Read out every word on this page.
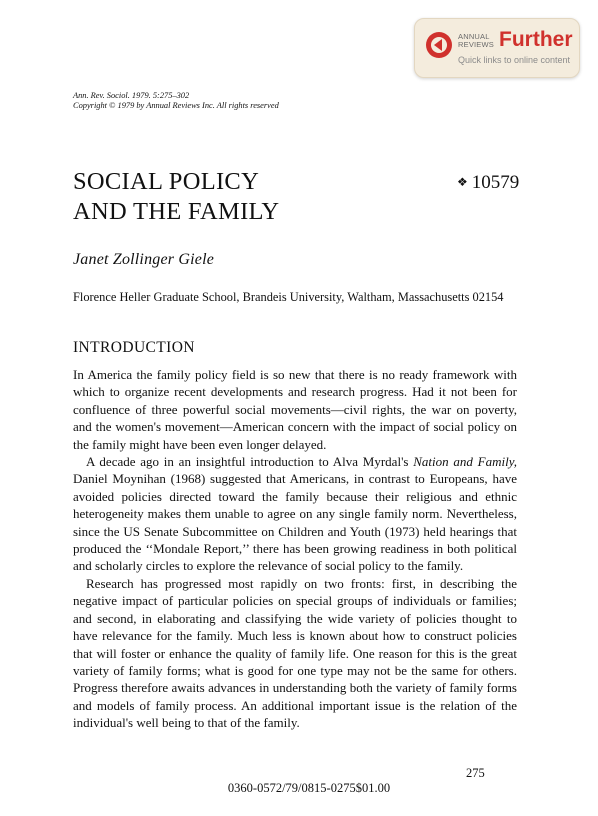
ANNUAL
REVIEWS Further
Quick links to online content
Ann. Rev. Sociol. 1979. 5:275–302
Copyright © 1979 by Annual Reviews Inc. All rights reserved
SOCIAL POLICY
AND THE FAMILY
❖ 10579
Janet Zollinger Giele
Florence Heller Graduate School, Brandeis University, Waltham, Massachusetts 02154
INTRODUCTION

In America the family policy field is so new that there is no ready framework with which to organize recent developments and research progress. Had it not been for confluence of three powerful social movements—civil rights, the war on poverty, and the women's movement—American concern with the impact of social policy on the family might have been even longer delayed.

A decade ago in an insightful introduction to Alva Myrdal's Nation and Family, Daniel Moynihan (1968) suggested that Americans, in contrast to Europeans, have avoided policies directed toward the family because their religious and ethnic heterogeneity makes them unable to agree on any single family norm. Nevertheless, since the US Senate Subcommittee on Children and Youth (1973) held hearings that produced the ‘‘Mondale Report,’’ there has been growing readiness in both political and scholarly circles to explore the relevance of social policy to the family.

Research has progressed most rapidly on two fronts: first, in describing the negative impact of particular policies on special groups of individuals or families; and second, in elaborating and classifying the wide variety of policies thought to have relevance for the family. Much less is known about how to construct policies that will foster or enhance the quality of family life. One reason for this is the great variety of family forms; what is good for one type may not be the same for others. Progress therefore awaits advances in understanding both the variety of family forms and models of family process. An additional important issue is the relation of the individual's well being to that of the family.

275
0360-0572/79/0815-0275$01.00
